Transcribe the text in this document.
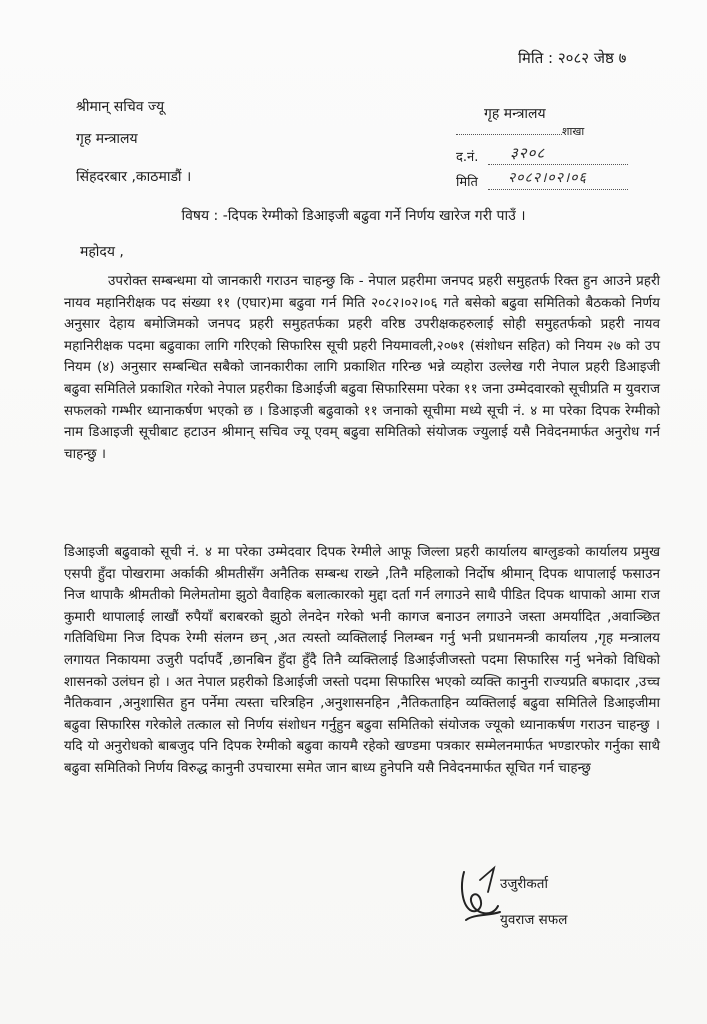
मिति : २०८२ जेष्ठ ७
श्रीमान् सचिव ज्यू
गृह मन्त्रालय
सिंहदरबार ,काठमाडौं ।
गृह मन्त्रालय
शाखा
द.नं. ३२०८
मिति २०८२।०२।०६
विषय : -दिपक रेग्मीको डिआइजी बढुवा गर्ने निर्णय खारेज गरी पाउँ ।
महोदय ,
उपरोक्त सम्बन्धमा यो जानकारी गराउन चाहन्छु कि - नेपाल प्रहरीमा जनपद प्रहरी समुहतर्फ रिक्त हुन आउने प्रहरी नायव महानिरीक्षक पद संख्या ११ (एघार)मा बढुवा गर्न मिति २०८२।०२।०६ गते बसेको बढुवा समितिको बैठकको निर्णय अनुसार देहाय बमोजिमको जनपद प्रहरी समुहतर्फका प्रहरी वरिष्ठ उपरीक्षकहरुलाई सोही समुहतर्फको प्रहरी नायव महानिरीक्षक पदमा बढुवाका लागि गरिएको सिफारिस सूची प्रहरी नियमावली,२०७१ (संशोधन सहित) को नियम २७ को उप नियम (४) अनुसार सम्बन्धित सबैको जानकारीका लागि प्रकाशित गरिन्छ भन्ने व्यहोरा उल्लेख गरी नेपाल प्रहरी डिआइजी बढुवा समितिले प्रकाशित गरेको नेपाल प्रहरीका डिआईजी बढुवा सिफारिसमा परेका ११ जना उम्मेदवारको सूचीप्रति म युवराज सफलको गम्भीर ध्यानाकर्षण भएको छ । डिआइजी बढुवाको ११ जनाको सूचीमा मध्ये सूची नं. ४ मा परेका दिपक रेग्मीको नाम डिआइजी सूचीबाट हटाउन श्रीमान् सचिव ज्यू एवम् बढुवा समितिको संयोजक ज्युलाई यसै निवेदनमार्फत अनुरोध गर्न चाहन्छु ।
डिआइजी बढुवाको सूची नं. ४ मा परेका उम्मेदवार दिपक रेग्मीले आफू जिल्ला प्रहरी कार्यालय बाग्लुङको कार्यालय प्रमुख एसपी हुँदा पोखरामा अर्काकी श्रीमतीसँग अनैतिक सम्बन्ध राख्ने ,तिनै महिलाको निर्दोष श्रीमान् दिपक थापालाई फसाउन निज थापाकै श्रीमतीको मिलेमतोमा झुठो वैवाहिक बलात्कारको मुद्दा दर्ता गर्न लगाउने साथै पीडित दिपक थापाको आमा राज कुमारी थापालाई लाखौं रुपैयाँ बराबरको झुठो लेनदेन गरेको भनी कागज बनाउन लगाउने जस्ता अमर्यादित ,अवाञ्छित गतिविधिमा निज दिपक रेग्मी संलग्न छन् ,अत त्यस्तो व्यक्तिलाई निलम्बन गर्नु भनी प्रधानमन्त्री कार्यालय ,गृह मन्त्रालय लगायत निकायमा उजुरी पर्दापर्दै ,छानबिन हुँदा हुँदै तिनै व्यक्तिलाई डिआईजीजस्तो पदमा सिफारिस गर्नु भनेको विधिको शासनको उलंघन हो । अत नेपाल प्रहरीको डिआईजी जस्तो पदमा सिफारिस भएको व्यक्ति कानुनी राज्यप्रति बफादार ,उच्च नैतिकवान ,अनुशासित हुन पर्नेमा त्यस्ता चरित्रहिन ,अनुशासनहिन ,नैतिकताहिन व्यक्तिलाई बढुवा समितिले डिआइजीमा बढुवा सिफारिस गरेकोले तत्काल सो निर्णय संशोधन गर्नुहुन बढुवा समितिको संयोजक ज्यूको ध्यानाकर्षण गराउन चाहन्छु । यदि यो अनुरोधको बाबजुद पनि दिपक रेग्मीको बढुवा कायमै रहेको खण्डमा पत्रकार सम्मेलनमार्फत भण्डारफोर गर्नुका साथै बढुवा समितिको निर्णय विरुद्ध कानुनी उपचारमा समेत जान बाध्य हुनेपनि यसै निवेदनमार्फत सूचित गर्न चाहन्छु
उजुरीकर्ता
युवराज सफल
